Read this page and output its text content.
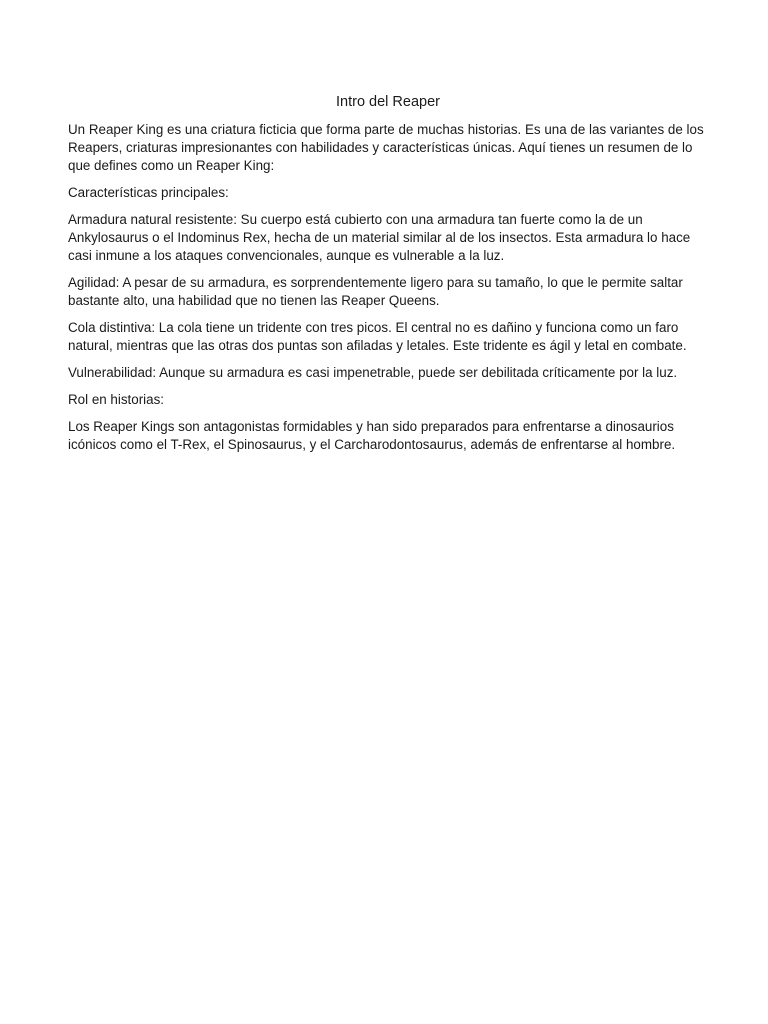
Intro del Reaper

Un Reaper King es una criatura ficticia que forma parte de muchas historias. Es una de las variantes de los Reapers, criaturas impresionantes con habilidades y características únicas. Aquí tienes un resumen de lo que defines como un Reaper King:

Características principales:

Armadura natural resistente: Su cuerpo está cubierto con una armadura tan fuerte como la de un Ankylosaurus o el Indominus Rex, hecha de un material similar al de los insectos. Esta armadura lo hace casi inmune a los ataques convencionales, aunque es vulnerable a la luz.

Agilidad: A pesar de su armadura, es sorprendentemente ligero para su tamaño, lo que le permite saltar bastante alto, una habilidad que no tienen las Reaper Queens.

Cola distintiva: La cola tiene un tridente con tres picos. El central no es dañino y funciona como un faro natural, mientras que las otras dos puntas son afiladas y letales. Este tridente es ágil y letal en combate.

Vulnerabilidad: Aunque su armadura es casi impenetrable, puede ser debilitada críticamente por la luz.

Rol en historias:

Los Reaper Kings son antagonistas formidables y han sido preparados para enfrentarse a dinosaurios icónicos como el T-Rex, el Spinosaurus, y el Carcharodontosaurus, además de enfrentarse al hombre.
